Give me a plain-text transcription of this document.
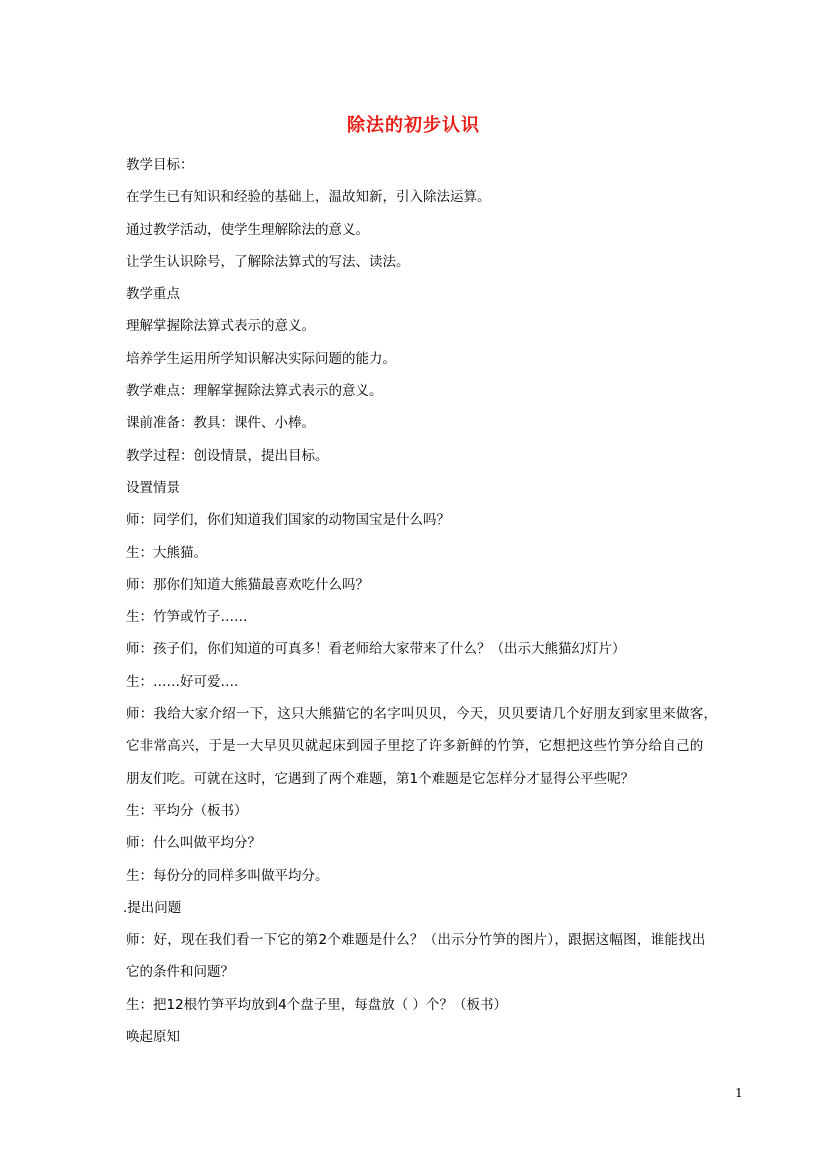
除法的初步认识
教学目标：
在学生已有知识和经验的基础上，温故知新，引入除法运算。
通过教学活动，使学生理解除法的意义。
让学生认识除号，了解除法算式的写法、读法。
教学重点
理解掌握除法算式表示的意义。
培养学生运用所学知识解决实际问题的能力。
教学难点：理解掌握除法算式表示的意义。
课前准备：教具：课件、小棒。
教学过程：创设情景，提出目标。
设置情景
师：同学们，你们知道我们国家的动物国宝是什么吗？
生：大熊猫。
师：那你们知道大熊猫最喜欢吃什么吗？
生：竹笋或竹子……
师：孩子们，你们知道的可真多！看老师给大家带来了什么？（出示大熊猫幻灯片）
生：……好可爱….
师：我给大家介绍一下，这只大熊猫它的名字叫贝贝，今天，贝贝要请几个好朋友到家里来做客，
它非常高兴，于是一大早贝贝就起床到园子里挖了许多新鲜的竹笋，它想把这些竹笋分给自己的
朋友们吃。可就在这时，它遇到了两个难题，第1个难题是它怎样分才显得公平些呢？
生：平均分（板书）
师：什么叫做平均分？
生：每份分的同样多叫做平均分。
.提出问题
师：好，现在我们看一下它的第2个难题是什么？（出示分竹笋的图片），跟据这幅图，谁能找出
它的条件和问题？
生：把12根竹笋平均放到4个盘子里，每盘放（ ）个？（板书）
唤起原知
1
